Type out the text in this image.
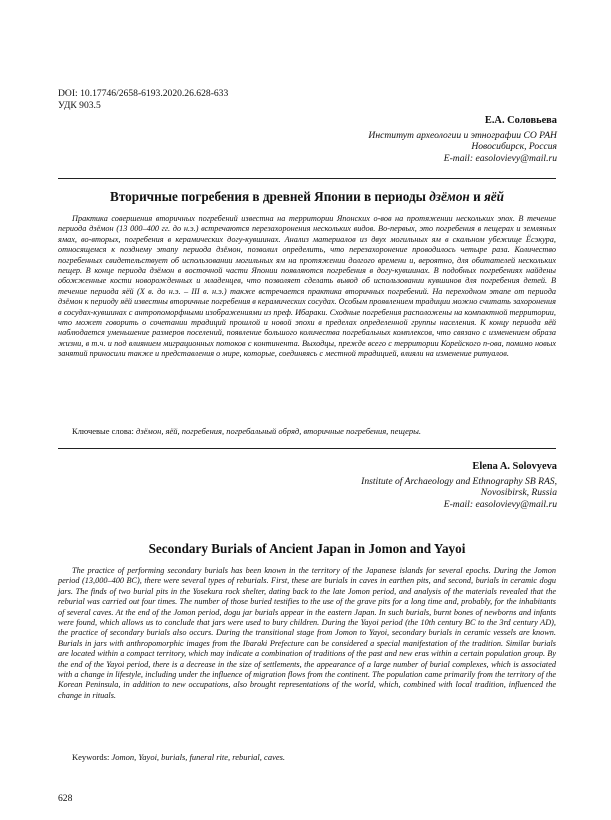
DOI: 10.17746/2658-6193.2020.26.628-633
УДК 903.5
Е.А. Соловьева
Институт археологии и этнографии СО РАН
Новосибирск, Россия
E-mail: easolovievy@mail.ru
Вторичные погребения в древней Японии в периоды дзёмон и яёй

Практика совершения вторичных погребений известна на территории Японских о-вов на протяжении нескольких эпох. В течение периода дзёмон (13 000–400 гг. до н.э.) встречаются перезахоронения нескольких видов. Во-первых, это погребения в пещерах и земляных ямах, во-вторых, погребения в керамических догу-кувшинах. Анализ материалов из двух могильных ям в скальном убежище Ёсэкура, относящемся к позднему этапу периода дзёмон, позволил определить, что перезахоронение проводилось четыре раза. Количество погребенных свидетельствует об использовании могильных ям на протяжении долгого времени и, вероятно, для обитателей нескольких пещер. В конце периода дзёмон в восточной части Японии появляются погребения в догу-кувшинах. В подобных погребениях найдены обожженные кости новорожденных и младенцев, что позволяет сделать вывод об использовании кувшинов для погребения детей. В течение периода яёй (X в. до н.э. – III в. н.э.) также встречается практика вторичных погребений. На переходном этапе от периода дзёмон к периоду яёй известны вторичные погребения в керамических сосудах. Особым проявлением традиции можно считать захоронения в сосудах-кувшинах с антропоморфными изображениями из преф. Ибараки. Сходные погребения расположены на компактной территории, что может говорить о сочетании традиций прошлой и новой эпохи в пределах определенной группы населения. К концу периода яёй наблюдается уменьшение размеров поселений, появление большого количества погребальных комплексов, что связано с изменением образа жизни, в т.ч. и под влиянием миграционных потоков с континента. Выходцы, прежде всего с территории Корейского п-ова, помимо новых занятий приносили также и представления о мире, которые, соединяясь с местной традицией, влияли на изменение ритуалов.

Ключевые слова: дзёмон, яёй, погребения, погребальный обряд, вторичные погребения, пещеры.
Elena A. Solovyeva
Institute of Archaeology and Ethnography SB RAS,
Novosibirsk, Russia
E-mail: easolovievy@mail.ru
Secondary Burials of Ancient Japan in Jomon and Yayoi

The practice of performing secondary burials has been known in the territory of the Japanese islands for several epochs. During the Jomon period (13,000–400 BC), there were several types of reburials. First, these are burials in caves in earthen pits, and second, burials in ceramic dogu jars. The finds of two burial pits in the Yosekura rock shelter, dating back to the late Jomon period, and analysis of the materials revealed that the reburial was carried out four times. The number of those buried testifies to the use of the grave pits for a long time and, probably, for the inhabitants of several caves. At the end of the Jomon period, dogu jar burials appear in the eastern Japan. In such burials, burnt bones of newborns and infants were found, which allows us to conclude that jars were used to bury children. During the Yayoi period (the 10th century BC to the 3rd century AD), the practice of secondary burials also occurs. During the transitional stage from Jomon to Yayoi, secondary burials in ceramic vessels are known. Burials in jars with anthropomorphic images from the Ibaraki Prefecture can be considered a special manifestation of the tradition. Similar burials are located within a compact territory, which may indicate a combination of traditions of the past and new eras within a certain population group. By the end of the Yayoi period, there is a decrease in the size of settlements, the appearance of a large number of burial complexes, which is associated with a change in lifestyle, including under the influence of migration flows from the continent. The population came primarily from the territory of the Korean Peninsula, in addition to new occupations, also brought representations of the world, which, combined with local tradition, influenced the change in rituals.

Keywords: Jomon, Yayoi, burials, funeral rite, reburial, caves.
628
